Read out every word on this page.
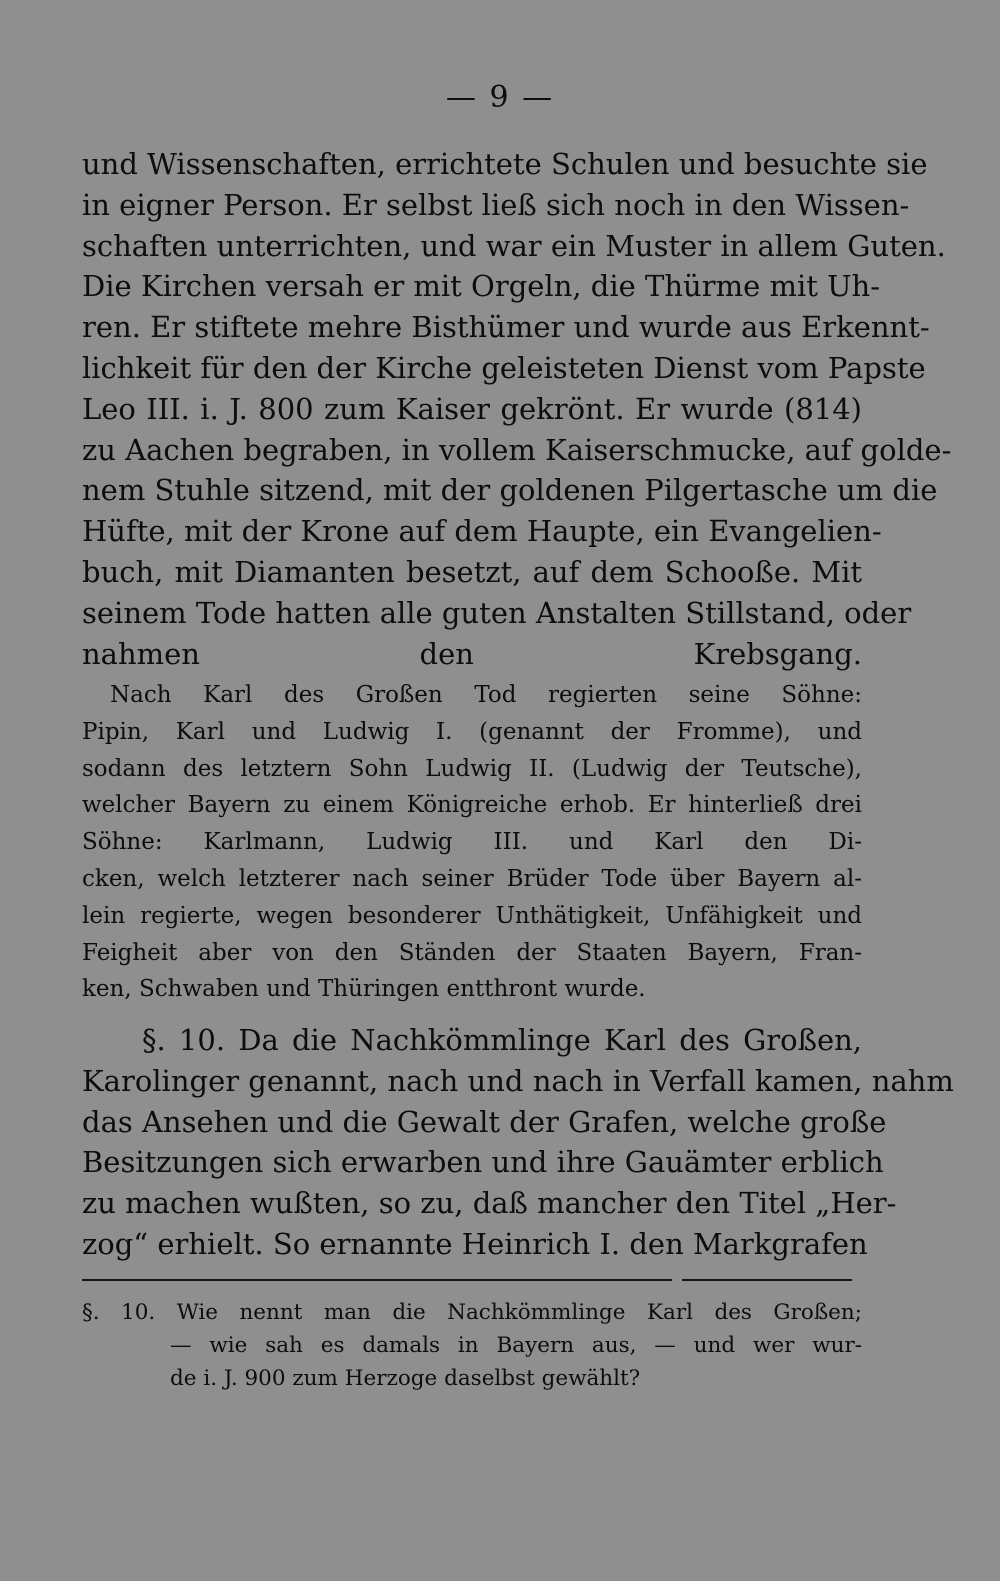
— 9 —
und Wissenschaften, errichtete Schulen und besuchte sie
in eigner Person. Er selbst ließ sich noch in den Wissen-
schaften unterrichten, und war ein Muster in allem Guten.
Die Kirchen versah er mit Orgeln, die Thürme mit Uh-
ren. Er stiftete mehre Bisthümer und wurde aus Erkennt-
lichkeit für den der Kirche geleisteten Dienst vom Papste
Leo III. i. J. 800 zum Kaiser gekrönt. Er wurde (814)
zu Aachen begraben, in vollem Kaiserschmucke, auf golde-
nem Stuhle sitzend, mit der goldenen Pilgertasche um die
Hüfte, mit der Krone auf dem Haupte, ein Evangelien-
buch, mit Diamanten besetzt, auf dem Schooße. Mit
seinem Tode hatten alle guten Anstalten Stillstand, oder
nahmen den Krebsgang.
Nach Karl des Großen Tod regierten seine Söhne:
Pipin, Karl und Ludwig I. (genannt der Fromme), und
sodann des letztern Sohn Ludwig II. (Ludwig der Teutsche),
welcher Bayern zu einem Königreiche erhob. Er hinterließ drei
Söhne: Karlmann, Ludwig III. und Karl den Di-
cken, welch letzterer nach seiner Brüder Tode über Bayern al-
lein regierte, wegen besonderer Unthätigkeit, Unfähigkeit und
Feigheit aber von den Ständen der Staaten Bayern, Fran-
ken, Schwaben und Thüringen entthront wurde.
§. 10. Da die Nachkömmlinge Karl des Großen,
Karolinger genannt, nach und nach in Verfall kamen, nahm
das Ansehen und die Gewalt der Grafen, welche große
Besitzungen sich erwarben und ihre Gauämter erblich
zu machen wußten, so zu, daß mancher den Titel „Her-
zog“ erhielt. So ernannte Heinrich I. den Markgrafen
§. 10. Wie nennt man die Nachkömmlinge Karl des Großen;
— wie sah es damals in Bayern aus, — und wer wur-
de i. J. 900 zum Herzoge daselbst gewählt?
